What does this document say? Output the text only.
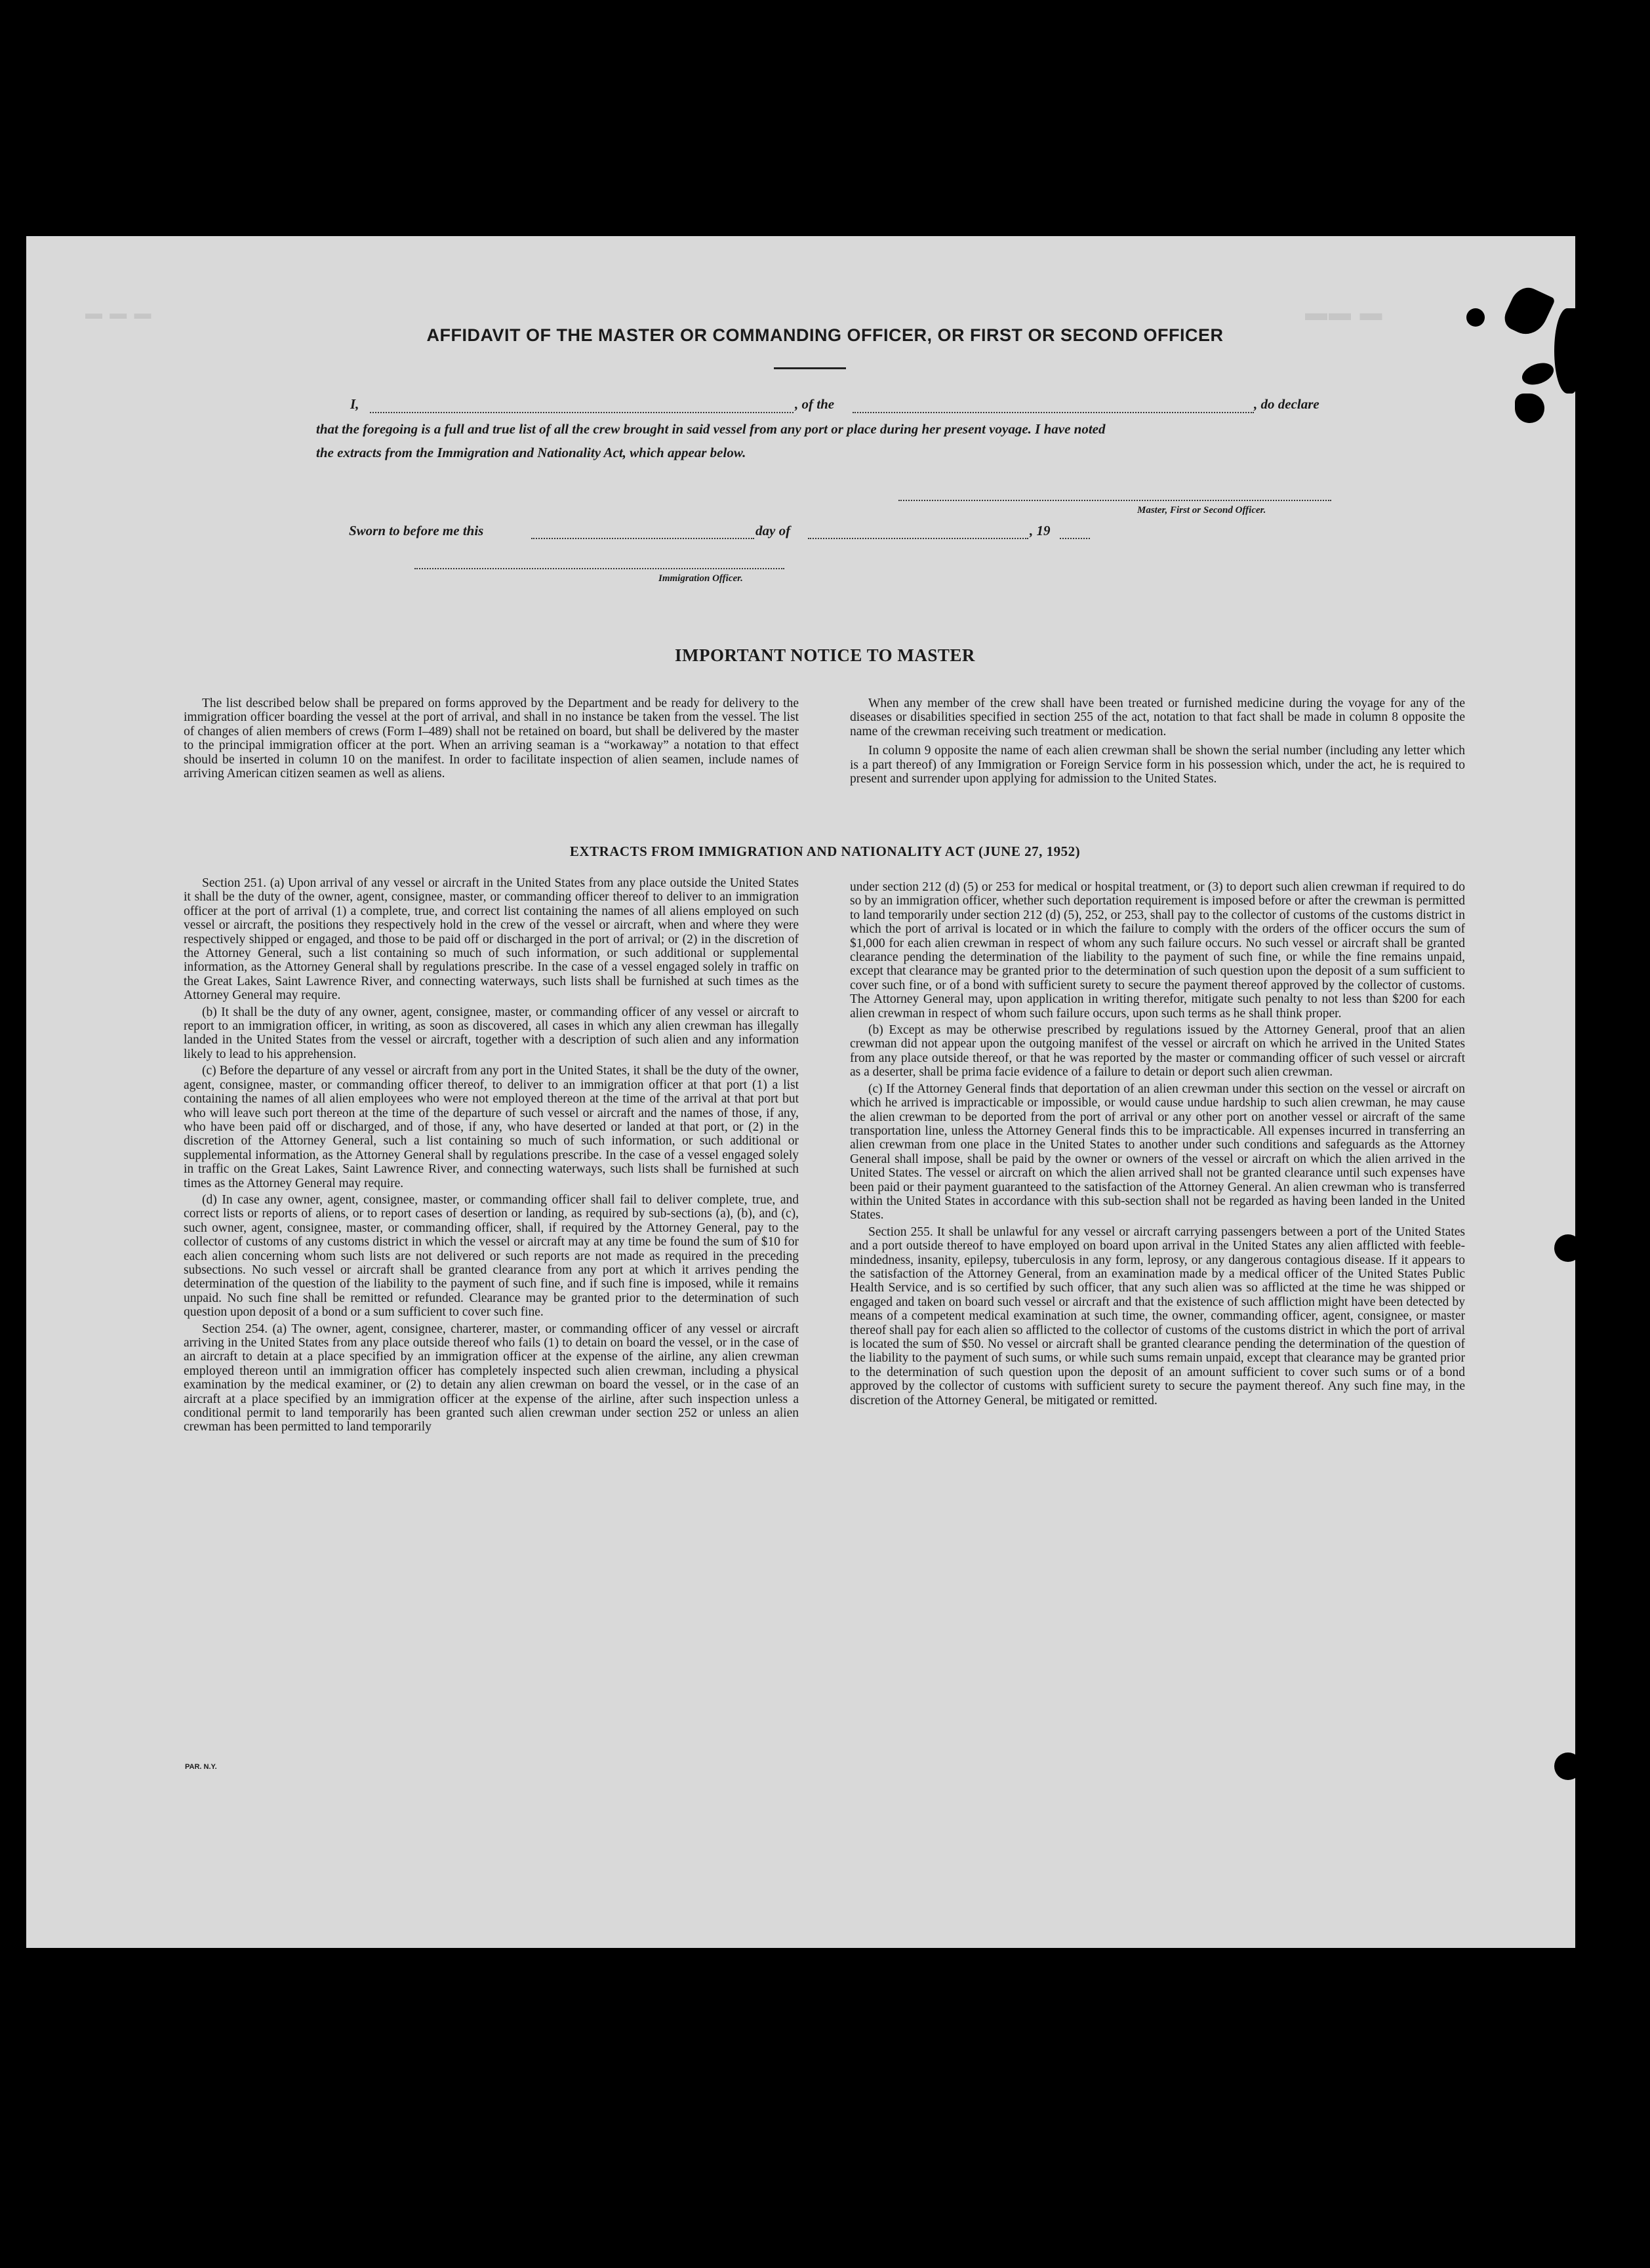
▬ ▬ ▬	▬▬ ▬
AFFIDAVIT OF THE MASTER OR COMMANDING OFFICER, OR FIRST OR SECOND OFFICER
I,	, of the	, do declare
that the foregoing is a full and true list of all the crew brought in said vessel from any port or place during her present voyage. I have noted
the extracts from the Immigration and Nationality Act, which appear below.
Master, First or Second Officer.
Sworn to before me this	day of	, 19
Immigration Officer.
IMPORTANT NOTICE TO MASTER

The list described below shall be prepared on forms approved by the Department and be ready for delivery to the immigration officer boarding the vessel at the port of arrival, and shall in no instance be taken from the vessel. The list of changes of alien members of crews (Form I–489) shall not be retained on board, but shall be delivered by the master to the principal immigration officer at the port. When an arriving seaman is a “workaway” a notation to that effect should be inserted in column 10 on the manifest. In order to facilitate inspection of alien seamen, include names of arriving American citizen seamen as well as aliens.

When any member of the crew shall have been treated or furnished medicine during the voyage for any of the diseases or disabilities specified in section 255 of the act, notation to that fact shall be made in column 8 opposite the name of the crewman receiving such treatment or medication.

In column 9 opposite the name of each alien crewman shall be shown the serial number (including any letter which is a part thereof) of any Immigration or Foreign Service form in his possession which, under the act, he is required to present and surrender upon applying for admission to the United States.

EXTRACTS FROM IMMIGRATION AND NATIONALITY ACT (JUNE 27, 1952)

Section 251. (a) Upon arrival of any vessel or aircraft in the United States from any place outside the United States it shall be the duty of the owner, agent, consignee, master, or commanding officer thereof to deliver to an immigration officer at the port of arrival (1) a complete, true, and correct list containing the names of all aliens employed on such vessel or aircraft, the positions they respectively hold in the crew of the vessel or aircraft, when and where they were respectively shipped or engaged, and those to be paid off or discharged in the port of arrival; or (2) in the discretion of the Attorney General, such a list containing so much of such information, or such additional or supplemental information, as the Attorney General shall by regulations prescribe. In the case of a vessel engaged solely in traffic on the Great Lakes, Saint Lawrence River, and connecting waterways, such lists shall be furnished at such times as the Attorney General may require.

(b) It shall be the duty of any owner, agent, consignee, master, or commanding officer of any vessel or aircraft to report to an immigration officer, in writing, as soon as discovered, all cases in which any alien crewman has illegally landed in the United States from the vessel or aircraft, together with a description of such alien and any information likely to lead to his apprehension.

(c) Before the departure of any vessel or aircraft from any port in the United States, it shall be the duty of the owner, agent, consignee, master, or commanding officer thereof, to deliver to an immigration officer at that port (1) a list containing the names of all alien employees who were not employed thereon at the time of the arrival at that port but who will leave such port thereon at the time of the departure of such vessel or aircraft and the names of those, if any, who have been paid off or discharged, and of those, if any, who have deserted or landed at that port, or (2) in the discretion of the Attorney General, such a list containing so much of such information, or such additional or supplemental information, as the Attorney General shall by regulations prescribe. In the case of a vessel engaged solely in traffic on the Great Lakes, Saint Lawrence River, and connecting waterways, such lists shall be furnished at such times as the Attorney General may require.

(d) In case any owner, agent, consignee, master, or commanding officer shall fail to deliver complete, true, and correct lists or reports of aliens, or to report cases of desertion or landing, as required by sub-sections (a), (b), and (c), such owner, agent, consignee, master, or commanding officer, shall, if required by the Attorney General, pay to the collector of customs of any customs district in which the vessel or aircraft may at any time be found the sum of $10 for each alien concerning whom such lists are not delivered or such reports are not made as required in the preceding subsections. No such vessel or aircraft shall be granted clearance from any port at which it arrives pending the determination of the question of the liability to the payment of such fine, and if such fine is imposed, while it remains unpaid. No such fine shall be remitted or refunded. Clearance may be granted prior to the determination of such question upon deposit of a bond or a sum sufficient to cover such fine.

Section 254. (a) The owner, agent, consignee, charterer, master, or commanding officer of any vessel or aircraft arriving in the United States from any place outside thereof who fails (1) to detain on board the vessel, or in the case of an aircraft to detain at a place specified by an immigration officer at the expense of the airline, any alien crewman employed thereon until an immigration officer has completely inspected such alien crewman, including a physical examination by the medical examiner, or (2) to detain any alien crewman on board the vessel, or in the case of an aircraft at a place specified by an immigration officer at the expense of the airline, after such inspection unless a conditional permit to land temporarily has been granted such alien crewman under section 252 or unless an alien crewman has been permitted to land temporarily

under section 212 (d) (5) or 253 for medical or hospital treatment, or (3) to deport such alien crewman if required to do so by an immigration officer, whether such deportation requirement is imposed before or after the crewman is permitted to land temporarily under section 212 (d) (5), 252, or 253, shall pay to the collector of customs of the customs district in which the port of arrival is located or in which the failure to comply with the orders of the officer occurs the sum of $1,000 for each alien crewman in respect of whom any such failure occurs. No such vessel or aircraft shall be granted clearance pending the determination of the liability to the payment of such fine, or while the fine remains unpaid, except that clearance may be granted prior to the determination of such question upon the deposit of a sum sufficient to cover such fine, or of a bond with sufficient surety to secure the payment thereof approved by the collector of customs. The Attorney General may, upon application in writing therefor, mitigate such penalty to not less than $200 for each alien crewman in respect of whom such failure occurs, upon such terms as he shall think proper.

(b) Except as may be otherwise prescribed by regulations issued by the Attorney General, proof that an alien crewman did not appear upon the outgoing manifest of the vessel or aircraft on which he arrived in the United States from any place outside thereof, or that he was reported by the master or commanding officer of such vessel or aircraft as a deserter, shall be prima facie evidence of a failure to detain or deport such alien crewman.

(c) If the Attorney General finds that deportation of an alien crewman under this section on the vessel or aircraft on which he arrived is impracticable or impossible, or would cause undue hardship to such alien crewman, he may cause the alien crewman to be deported from the port of arrival or any other port on another vessel or aircraft of the same transportation line, unless the Attorney General finds this to be impracticable. All expenses incurred in transferring an alien crewman from one place in the United States to another under such conditions and safeguards as the Attorney General shall impose, shall be paid by the owner or owners of the vessel or aircraft on which the alien arrived in the United States. The vessel or aircraft on which the alien arrived shall not be granted clearance until such expenses have been paid or their payment guaranteed to the satisfaction of the Attorney General. An alien crewman who is transferred within the United States in accordance with this sub-section shall not be regarded as having been landed in the United States.

Section 255. It shall be unlawful for any vessel or aircraft carrying passengers between a port of the United States and a port outside thereof to have employed on board upon arrival in the United States any alien afflicted with feeble-mindedness, insanity, epilepsy, tuberculosis in any form, leprosy, or any dangerous contagious disease. If it appears to the satisfaction of the Attorney General, from an examination made by a medical officer of the United States Public Health Service, and is so certified by such officer, that any such alien was so afflicted at the time he was shipped or engaged and taken on board such vessel or aircraft and that the existence of such affliction might have been detected by means of a competent medical examination at such time, the owner, commanding officer, agent, consignee, or master thereof shall pay for each alien so afflicted to the collector of customs of the customs district in which the port of arrival is located the sum of $50. No vessel or aircraft shall be granted clearance pending the determination of the question of the liability to the payment of such sums, or while such sums remain unpaid, except that clearance may be granted prior to the determination of such question upon the deposit of an amount sufficient to cover such sums or of a bond approved by the collector of customs with sufficient surety to secure the payment thereof. Any such fine may, in the discretion of the Attorney General, be mitigated or remitted.

PAR. N.Y.
